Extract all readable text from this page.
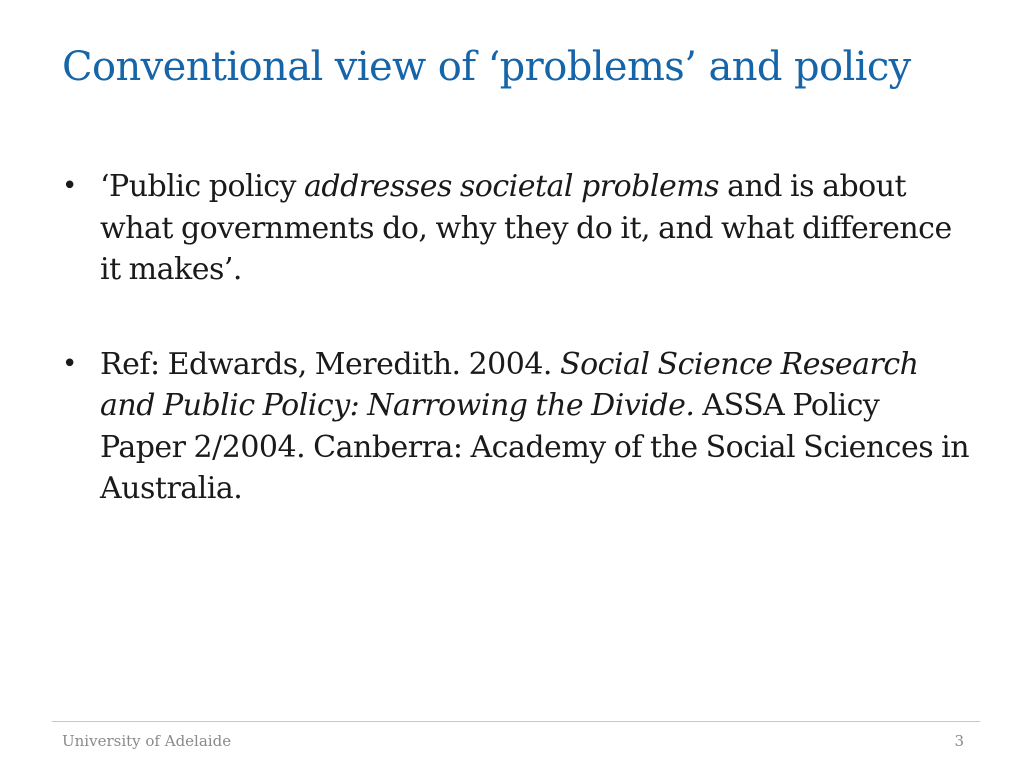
Conventional view of ‘problems’ and policy
• ‘Public policy addresses societal problems and is about what governments do, why they do it, and what difference it makes’.
• Ref: Edwards, Meredith. 2004. Social Science Research and Public Policy: Narrowing the Divide. ASSA Policy Paper 2/2004. Canberra: Academy of the Social Sciences in Australia.
University of Adelaide	3
